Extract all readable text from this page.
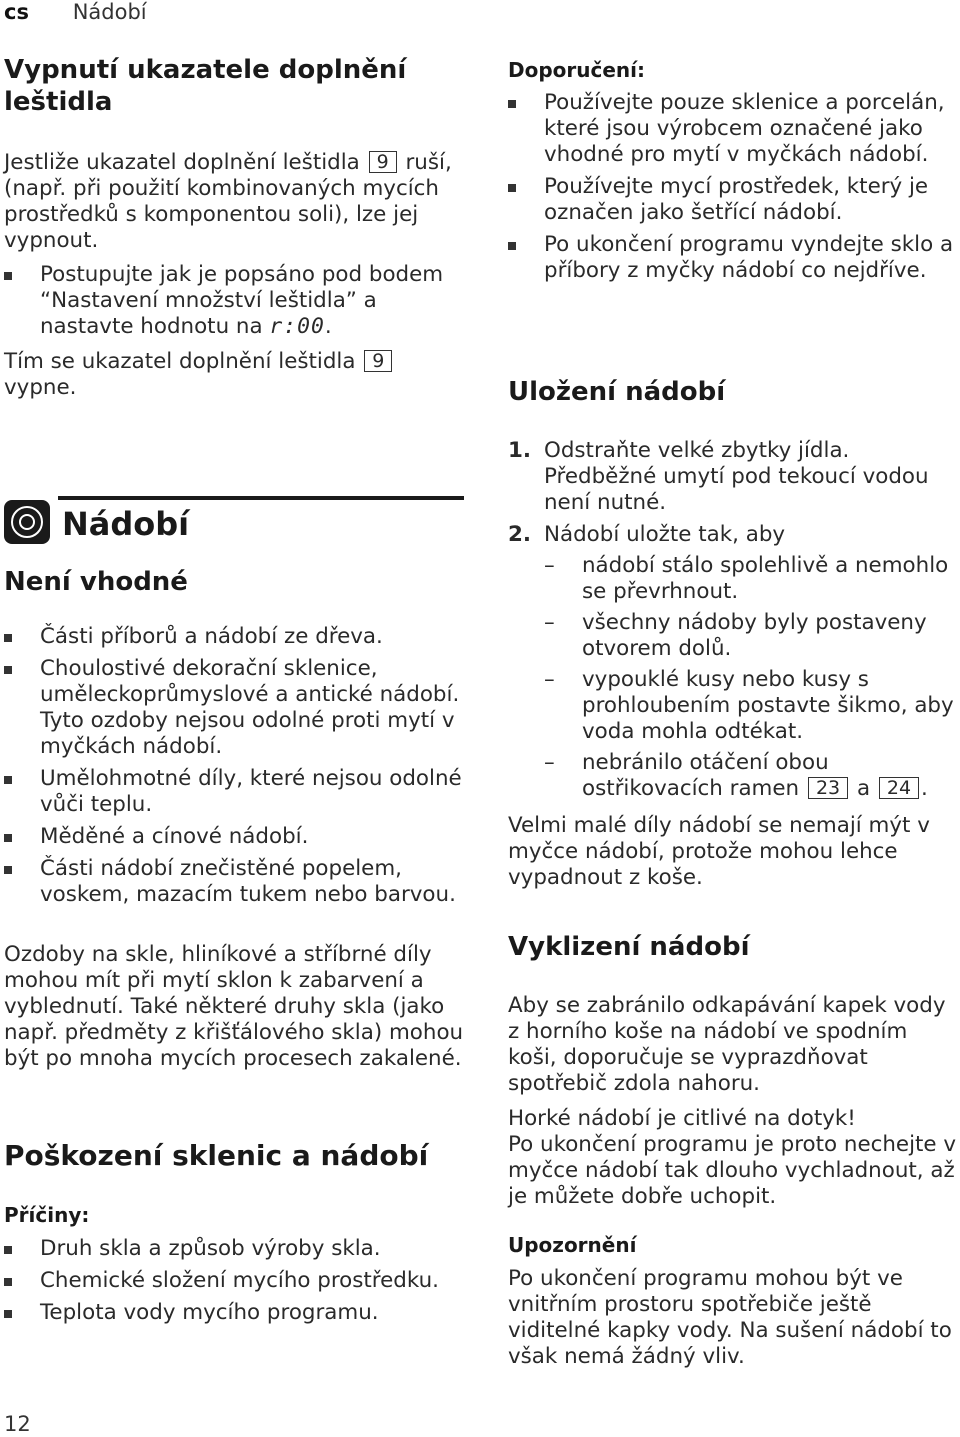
cs Nádobí
Vypnutí ukazatele doplnění leštidla

Jestliže ukazatel doplnění leštidla 9 ruší, (např. při použití kombinovaných mycích prostředků s komponentou soli), lze jej vypnout.

Postupujte jak je popsáno pod bodem “Nastavení množství leštidla” a nastavte hodnotu na r:00.

Tím se ukazatel doplnění leštidla 9 vypne.

Nádobí
Není vhodné
Části příborů a nádobí ze dřeva.
Choulostivé dekorační sklenice, uměleckoprůmyslové a antické nádobí. Tyto ozdoby nejsou odolné proti mytí v myčkách nádobí.
Umělohmotné díly, které nejsou odolné vůči teplu.
Měděné a cínové nádobí.
Části nádobí znečistěné popelem, voskem, mazacím tukem nebo barvou.

Ozdoby na skle, hliníkové a stříbrné díly mohou mít při mytí sklon k zabarvení a vyblednutí. Také některé druhy skla (jako např. předměty z křišťálového skla) mohou být po mnoha mycích procesech zakalené.

Poškození sklenic a nádobí
Příčiny:
Druh skla a způsob výroby skla.
Chemické složení mycího prostředku.
Teplota vody mycího programu.
Doporučení:
Používejte pouze sklenice a porcelán, které jsou výrobcem označené jako vhodné pro mytí v myčkách nádobí.
Používejte mycí prostředek, který je označen jako šetřící nádobí.
Po ukončení programu vyndejte sklo a příbory z myčky nádobí co nejdříve.
Uložení nádobí
1. Odstraňte velké zbytky jídla. Předběžné umytí pod tekoucí vodou není nutné.
2. Nádobí uložte tak, aby
– nádobí stálo spolehlivě a nemohlo se převrhnout.
– všechny nádoby byly postaveny otvorem dolů.
– vypouklé kusy nebo kusy s prohloubením postavte šikmo, aby voda mohla odtékat.
– nebránilo otáčení obou ostřikovacích ramen 23 a 24 .

Velmi malé díly nádobí se nemají mýt v myčce nádobí, protože mohou lehce vypadnout z koše.

Vyklizení nádobí

Aby se zabránilo odkapávání kapek vody z horního koše na nádobí ve spodním koši, doporučuje se vyprazdňovat spotřebič zdola nahoru.

Horké nádobí je citlivé na dotyk!
Po ukončení programu je proto nechejte v myčce nádobí tak dlouho vychladnout, až je můžete dobře uchopit.

Upozornění

Po ukončení programu mohou být ve vnitřním prostoru spotřebiče ještě viditelné kapky vody. Na sušení nádobí to však nemá žádný vliv.

12
